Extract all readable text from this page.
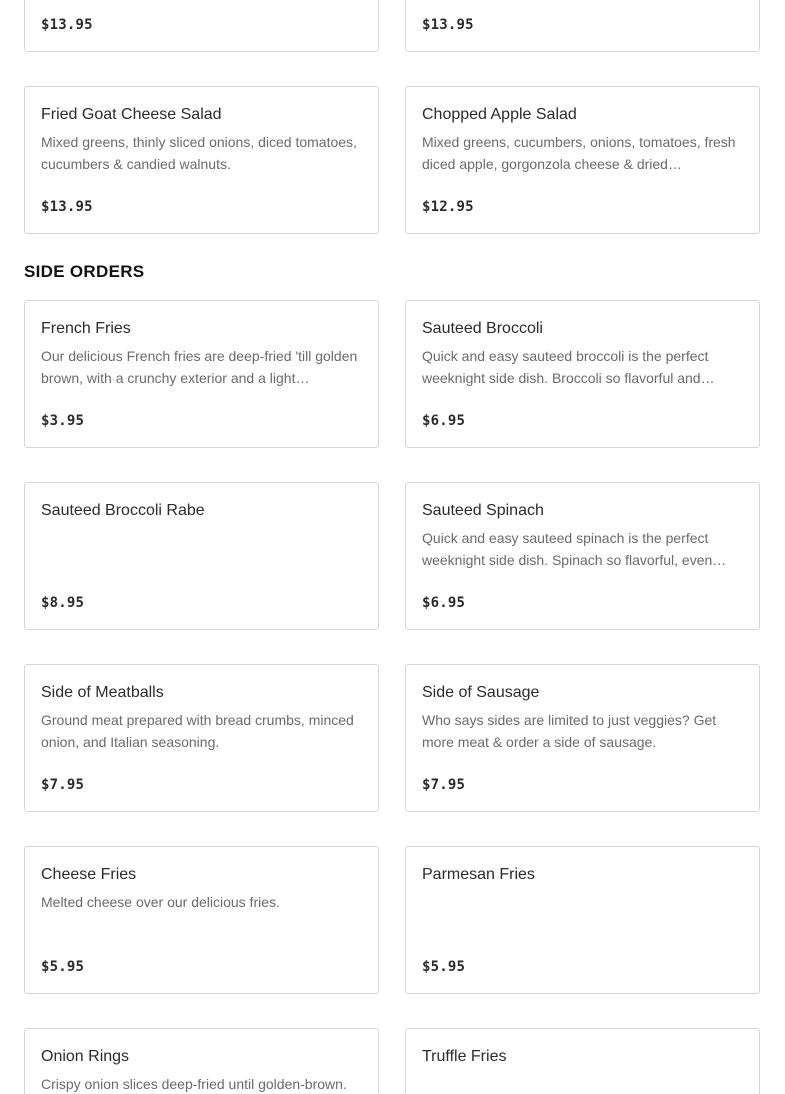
$13.95	$13.95
Fried Goat Cheese Salad
Mixed greens, thinly sliced onions, diced tomatoes, cucumbers & candied walnuts.
$13.95
Chopped Apple Salad
Mixed greens, cucumbers, onions, tomatoes, fresh diced apple, gorgonzola cheese & dried…
$12.95
SIDE ORDERS
French Fries
Our delicious French fries are deep-fried 'till golden brown, with a crunchy exterior and a light…
$3.95
Sauteed Broccoli
Quick and easy sauteed broccoli is the perfect weeknight side dish. Broccoli so flavorful and…
$6.95
Sauteed Broccoli Rabe
$8.95
Sauteed Spinach
Quick and easy sauteed spinach is the perfect weeknight side dish. Spinach so flavorful, even…
$6.95
Side of Meatballs
Ground meat prepared with bread crumbs, minced onion, and Italian seasoning.
$7.95
Side of Sausage
Who says sides are limited to just veggies? Get more meat & order a side of sausage.
$7.95
Cheese Fries
Melted cheese over our delicious fries.
$5.95
Parmesan Fries
$5.95
Onion Rings
Crispy onion slices deep-fried until golden-brown.
Truffle Fries
